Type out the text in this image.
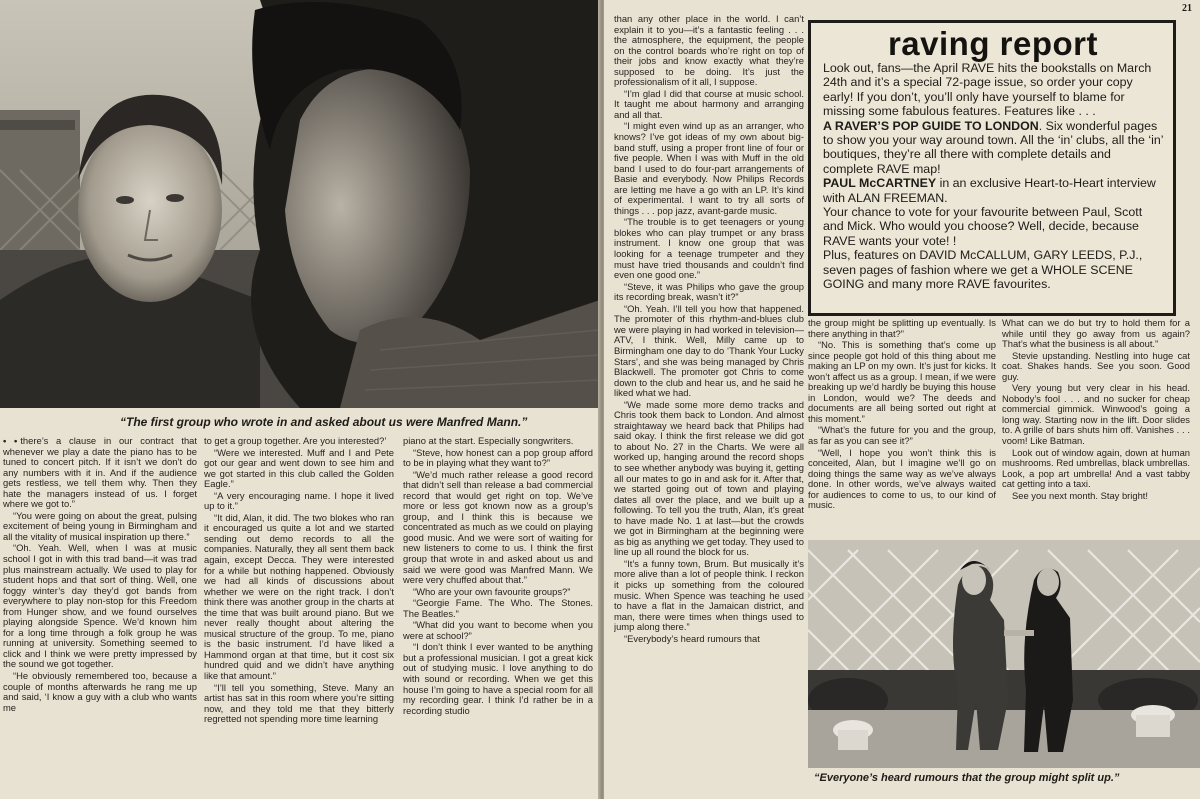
“The first group who wrote in and asked about us were Manfred Mann.”

• • there’s a clause in our contract that whenever we play a date the piano has to be tuned to concert pitch. If it isn’t we don’t do any numbers with it in. And if the audience gets restless, we tell them why. Then they hate the managers instead of us. I forget where we got to.”

“You were going on about the great, pulsing excitement of being young in Birmingham and all the vitality of musical inspiration up there.”

“Oh. Yeah. Well, when I was at music school I got in with this trad band—it was trad plus mainstream actually. We used to play for student hops and that sort of thing. Well, one foggy winter’s day they’d got bands from everywhere to play non-stop for this Freedom from Hunger show, and we found ourselves playing alongside Spence. We’d known him for a long time through a folk group he was running at university. Something seemed to click and I think we were pretty impressed by the sound we got together.

“He obviously remembered too, because a couple of months afterwards he rang me up and said, ‘I know a guy with a club who wants me

to get a group together. Are you interested?’

“Were we interested. Muff and I and Pete got our gear and went down to see him and we got started in this club called the Golden Eagle.”

“A very encouraging name. I hope it lived up to it.”

“It did, Alan, it did. The two blokes who ran it encouraged us quite a lot and we started sending out demo records to all the companies. Naturally, they all sent them back again, except Decca. They were interested for a while but nothing happened. Obviously we had all kinds of discussions about whether we were on the right track. I don’t think there was another group in the charts at the time that was built around piano. But we never really thought about altering the musical structure of the group. To me, piano is the basic instrument. I’d have liked a Hammond organ at that time, but it cost six hundred quid and we didn’t have anything like that amount.”

“I’ll tell you something, Steve. Many an artist has sat in this room where you’re sitting now, and they told me that they bitterly regretted not spending more time learning

piano at the start. Especially songwriters.

“Steve, how honest can a pop group afford to be in playing what they want to?”

“We’d much rather release a good record that didn’t sell than release a bad commercial record that would get right on top. We’ve more or less got known now as a group’s group, and I think this is because we concentrated as much as we could on playing good music. And we were sort of waiting for new listeners to come to us. I think the first group that wrote in and asked about us and said we were good was Manfred Mann. We were very chuffed about that.”

“Who are your own favourite groups?”

“Georgie Fame. The Who. The Stones. The Beatles.”

“What did you want to become when you were at school?”

“I don’t think I ever wanted to be anything but a professional musician. I got a great kick out of studying music. I love anything to do with sound or recording. When we get this house I’m going to have a special room for all my recording gear. I think I’d rather be in a recording studio

21

than any other place in the world. I can’t explain it to you—it’s a fantastic feeling . . . the atmosphere, the equipment, the people on the control boards who’re right on top of their jobs and know exactly what they’re supposed to be doing. It’s just the professionalism of it all, I suppose.

“I’m glad I did that course at music school. It taught me about harmony and arranging and all that.

“I might even wind up as an arranger, who knows? I’ve got ideas of my own about big-band stuff, using a proper front line of four or five people. When I was with Muff in the old band I used to do four-part arrangements of Basie and everybody. Now Philips Records are letting me have a go with an LP. It’s kind of experimental. I want to try all sorts of things . . . pop jazz, avant-garde music.

“The trouble is to get teenagers or young blokes who can play trumpet or any brass instrument. I know one group that was looking for a teenage trumpeter and they must have tried thousands and couldn’t find even one good one.”

“Steve, it was Philips who gave the group its recording break, wasn’t it?”

“Oh. Yeah. I’ll tell you how that happened. The promoter of this rhythm-and-blues club we were playing in had worked in television—ATV, I think. Well, Milly came up to Birmingham one day to do ‘Thank Your Lucky Stars’, and she was being managed by Chris Blackwell. The promoter got Chris to come down to the club and hear us, and he said he liked what we had.

“We made some more demo tracks and Chris took them back to London. And almost straightaway we heard back that Philips had said okay. I think the first release we did got to about No. 27 in the Charts. We were all worked up, hanging around the record shops to see whether anybody was buying it, getting all our mates to go in and ask for it. After that, we started going out of town and playing dates all over the place, and we built up a following. To tell you the truth, Alan, it’s great to have made No. 1 at last—but the crowds we got in Birmingham at the beginning were as big as anything we get today. They used to line up all round the block for us.

“It’s a funny town, Brum. But musically it’s more alive than a lot of people think. I reckon it picks up something from the coloured music. When Spence was teaching he used to have a flat in the Jamaican district, and man, there were times when things used to jump along there.”

“Everybody’s heard rumours that

the group might be splitting up eventually. Is there anything in that?”

“No. This is something that’s come up since people got hold of this thing about me making an LP on my own. It’s just for kicks. It won’t affect us as a group. I mean, if we were breaking up we’d hardly be buying this house in London, would we? The deeds and documents are all being sorted out right at this moment.”

“What’s the future for you and the group, as far as you can see it?”

“Well, I hope you won’t think this is conceited, Alan, but I imagine we’ll go on doing things the same way as we’ve always done. In other words, we’ve always waited for audiences to come to us, to our kind of music.

What can we do but try to hold them for a while until they go away from us again? That’s what the business is all about.”

Stevie upstanding. Nestling into huge cat coat. Shakes hands. See you soon. Good guy.

Very young but very clear in his head. Nobody’s fool . . . and no sucker for cheap commercial gimmick. Winwood’s going a long way. Starting now in the lift. Door slides to. A grille of bars shuts him off. Vanishes . . . voom! Like Batman.

Look out of window again, down at human mushrooms. Red umbrellas, black umbrellas. Look, a pop art umbrella! And a vast tabby cat getting into a taxi.

See you next month. Stay bright!

“Everyone’s heard rumours that the group might split up.”
raving report

Look out, fans—the April RAVE hits the bookstalls on March 24th and it’s a special 72-page issue, so order your copy early! If you don’t, you’ll only have yourself to blame for missing some fabulous features. Features like . . .

A RAVER’S POP GUIDE TO LONDON. Six wonderful pages to show you your way around town. All the ‘in’ clubs, all the ‘in’ boutiques, they’re all there with complete details and complete RAVE map!

PAUL McCARTNEY in an exclusive Heart-to-Heart interview with ALAN FREEMAN.

Your chance to vote for your favourite between Paul, Scott and Mick. Who would you choose? Well, decide, because RAVE wants your vote! !

Plus, features on DAVID McCALLUM, GARY LEEDS, P.J., seven pages of fashion where we get a WHOLE SCENE GOING and many more RAVE favourites.
